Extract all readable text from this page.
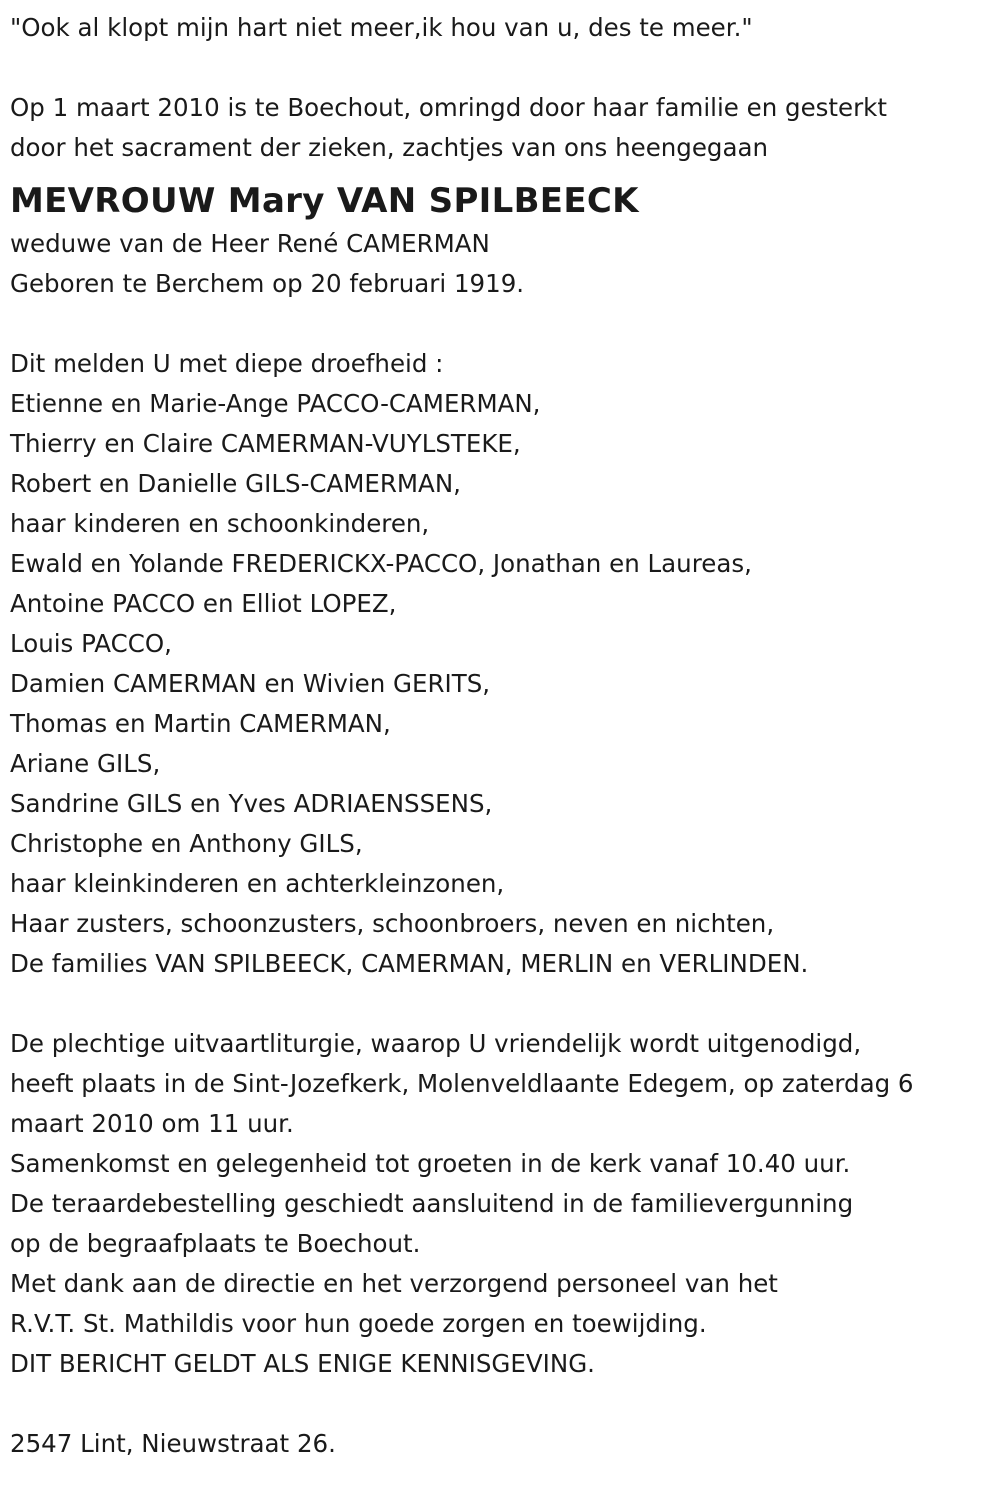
"Ook al klopt mijn hart niet meer,ik hou van u, des te meer."
Op 1 maart 2010 is te Boechout, omringd door haar familie en gesterkt
door het sacrament der zieken, zachtjes van ons heengegaan
MEVROUW Mary VAN SPILBEECK
weduwe van de Heer René CAMERMAN
Geboren te Berchem op 20 februari 1919.
Dit melden U met diepe droefheid :
Etienne en Marie-Ange PACCO-CAMERMAN,
Thierry en Claire CAMERMAN-VUYLSTEKE,
Robert en Danielle GILS-CAMERMAN,
haar kinderen en schoonkinderen,
Ewald en Yolande FREDERICKX-PACCO, Jonathan en Laureas,
Antoine PACCO en Elliot LOPEZ,
Louis PACCO,
Damien CAMERMAN en Wivien GERITS,
Thomas en Martin CAMERMAN,
Ariane GILS,
Sandrine GILS en Yves ADRIAENSSENS,
Christophe en Anthony GILS,
haar kleinkinderen en achterkleinzonen,
Haar zusters, schoonzusters, schoonbroers, neven en nichten,
De families VAN SPILBEECK, CAMERMAN, MERLIN en VERLINDEN.
De plechtige uitvaartliturgie, waarop U vriendelijk wordt uitgenodigd,
heeft plaats in de Sint-Jozefkerk, Molenveldlaante Edegem, op zaterdag 6
maart 2010 om 11 uur.
Samenkomst en gelegenheid tot groeten in de kerk vanaf 10.40 uur.
De teraardebestelling geschiedt aansluitend in de familievergunning
op de begraafplaats te Boechout.
Met dank aan de directie en het verzorgend personeel van het
R.V.T. St. Mathildis voor hun goede zorgen en toewijding.
DIT BERICHT GELDT ALS ENIGE KENNISGEVING.
2547 Lint, Nieuwstraat 26.
